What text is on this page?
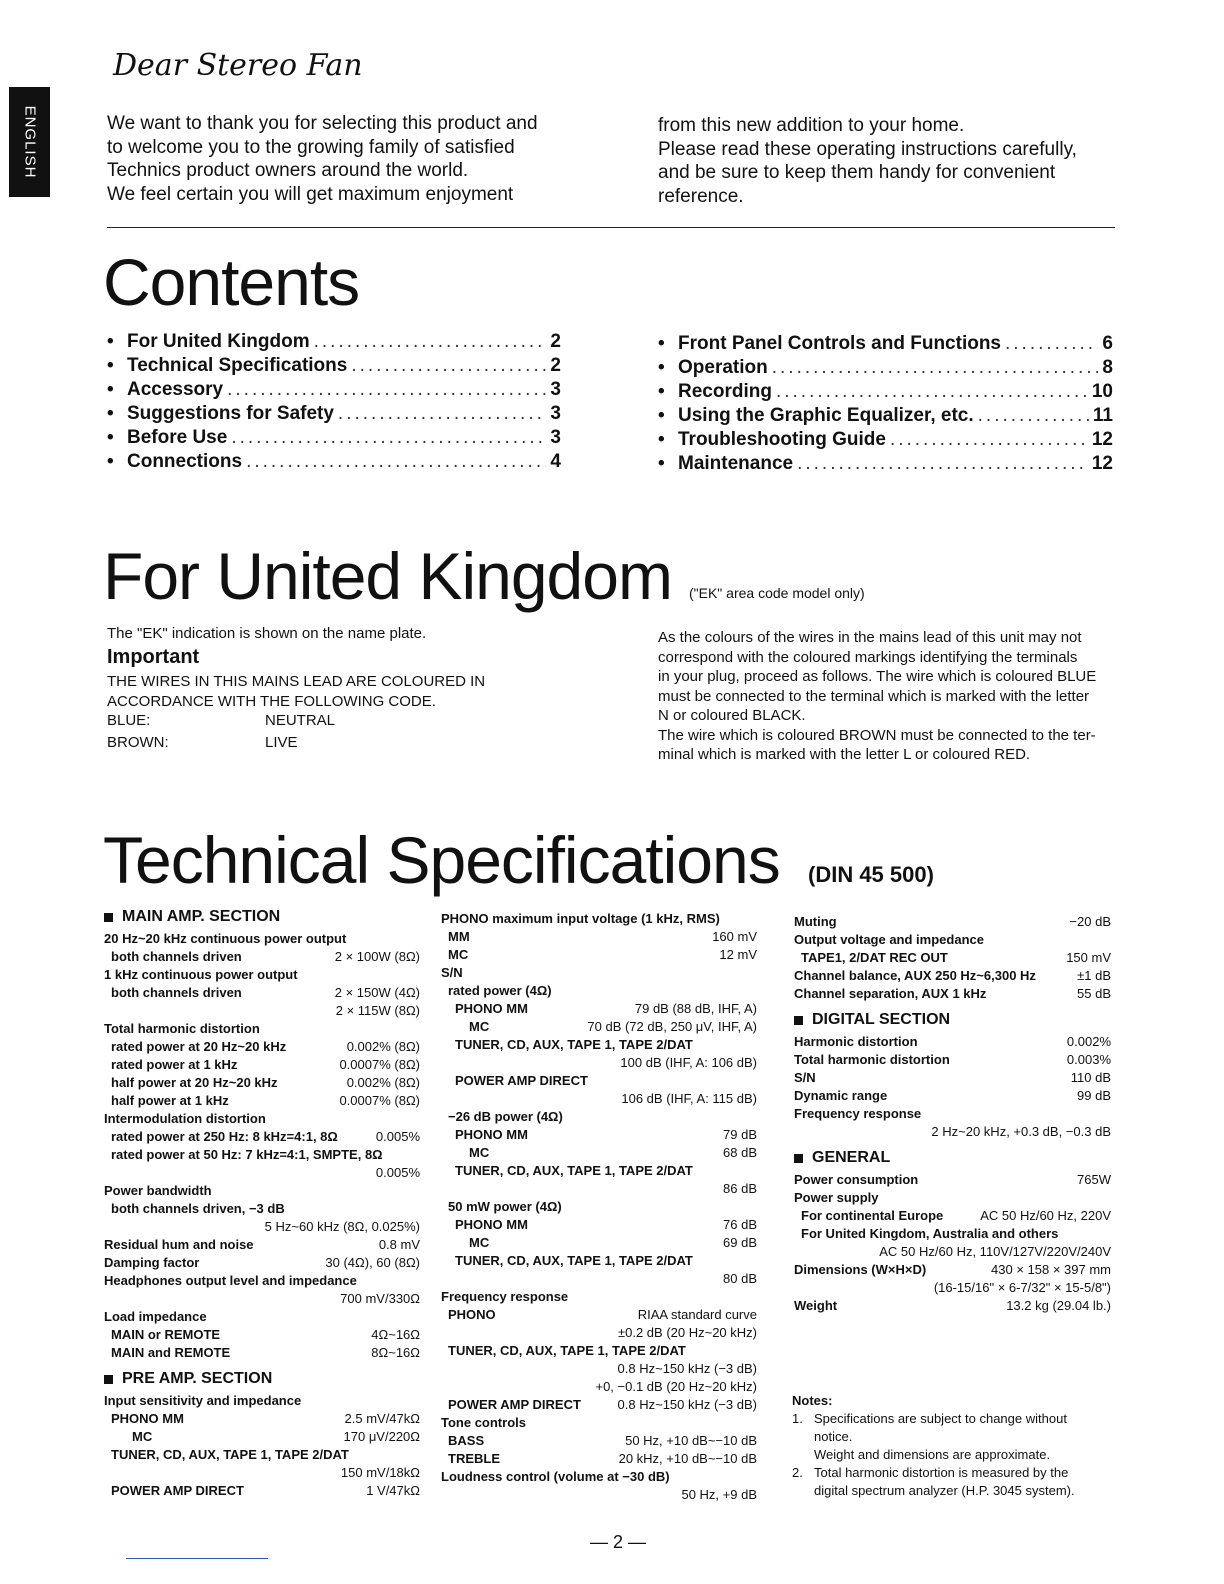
ENGLISH
Dear Stereo Fan
We want to thank you for selecting this product and
to welcome you to the growing family of satisfied
Technics product owners around the world.
We feel certain you will get maximum enjoyment
from this new addition to your home.
Please read these operating instructions carefully,
and be sure to keep them handy for convenient
reference.
Contents
• For United Kingdom .....	2
• Technical Specifications .....	2
• Accessory .....	3
• Suggestions for Safety .....	3
• Before Use .....	3
• Connections .....	4
• Front Panel Controls and Functions .....	6
• Operation .....	8
• Recording .....	10
• Using the Graphic Equalizer, etc. .....	11
• Troubleshooting Guide .....	12
• Maintenance .....	12
For United Kingdom ("EK" area code model only)
The "EK" indication is shown on the name plate.
Important
THE WIRES IN THIS MAINS LEAD ARE COLOURED IN
ACCORDANCE WITH THE FOLLOWING CODE.
BLUE:	NEUTRAL
BROWN:	LIVE
As the colours of the wires in the mains lead of this unit may not
correspond with the coloured markings identifying the terminals
in your plug, proceed as follows. The wire which is coloured BLUE
must be connected to the terminal which is marked with the letter
N or coloured BLACK.
The wire which is coloured BROWN must be connected to the ter-
minal which is marked with the letter L or coloured RED.
Technical Specifications (DIN 45 500)
MAIN AMP. SECTION
20 Hz~20 kHz continuous power output
both channels driven	2 × 100W (8Ω)
1 kHz continuous power output
both channels driven	2 × 150W (4Ω)
2 × 115W (8Ω)
Total harmonic distortion
rated power at 20 Hz~20 kHz	0.002% (8Ω)
rated power at 1 kHz	0.0007% (8Ω)
half power at 20 Hz~20 kHz	0.002% (8Ω)
half power at 1 kHz	0.0007% (8Ω)
Intermodulation distortion
rated power at 250 Hz: 8 kHz=4:1, 8Ω	0.005%
rated power at 50 Hz: 7 kHz=4:1, SMPTE, 8Ω
0.005%
Power bandwidth
both channels driven, −3 dB
5 Hz~60 kHz (8Ω, 0.025%)
Residual hum and noise	0.8 mV
Damping factor	30 (4Ω), 60 (8Ω)
Headphones output level and impedance
700 mV/330Ω
Load impedance
MAIN or REMOTE	4Ω~16Ω
MAIN and REMOTE	8Ω~16Ω
PRE AMP. SECTION
Input sensitivity and impedance
PHONO MM	2.5 mV/47kΩ
MC	170 μV/220Ω
TUNER, CD, AUX, TAPE 1, TAPE 2/DAT
150 mV/18kΩ
POWER AMP DIRECT	1 V/47kΩ
PHONO maximum input voltage (1 kHz, RMS)
MM	160 mV
MC	12 mV
S/N
rated power (4Ω)
PHONO MM	79 dB (88 dB, IHF, A)
MC	70 dB (72 dB, 250 μV, IHF, A)
TUNER, CD, AUX, TAPE 1, TAPE 2/DAT
100 dB (IHF, A: 106 dB)
POWER AMP DIRECT
106 dB (IHF, A: 115 dB)
−26 dB power (4Ω)
PHONO MM	79 dB
MC	68 dB
TUNER, CD, AUX, TAPE 1, TAPE 2/DAT
86 dB
50 mW power (4Ω)
PHONO MM	76 dB
MC	69 dB
TUNER, CD, AUX, TAPE 1, TAPE 2/DAT
80 dB
Frequency response
PHONO	RIAA standard curve
±0.2 dB (20 Hz~20 kHz)
TUNER, CD, AUX, TAPE 1, TAPE 2/DAT
0.8 Hz~150 kHz (−3 dB)
+0, −0.1 dB (20 Hz~20 kHz)
POWER AMP DIRECT	0.8 Hz~150 kHz (−3 dB)
Tone controls
BASS	50 Hz, +10 dB~−10 dB
TREBLE	20 kHz, +10 dB~−10 dB
Loudness control (volume at −30 dB)
50 Hz, +9 dB
Muting	−20 dB
Output voltage and impedance
TAPE1, 2/DAT REC OUT	150 mV
Channel balance, AUX 250 Hz~6,300 Hz	±1 dB
Channel separation, AUX 1 kHz	55 dB
DIGITAL SECTION
Harmonic distortion	0.002%
Total harmonic distortion	0.003%
S/N	110 dB
Dynamic range	99 dB
Frequency response
2 Hz~20 kHz, +0.3 dB, −0.3 dB
GENERAL
Power consumption	765W
Power supply
For continental Europe	AC 50 Hz/60 Hz, 220V
For United Kingdom, Australia and others
AC 50 Hz/60 Hz, 110V/127V/220V/240V
Dimensions (W×H×D)	430 × 158 × 397 mm
(16-15/16" × 6-7/32" × 15-5/8")
Weight	13.2 kg (29.04 lb.)
Notes:
1. Specifications are subject to change without
notice.
Weight and dimensions are approximate.
2. Total harmonic distortion is measured by the
digital spectrum analyzer (H.P. 3045 system).
— 2 —
